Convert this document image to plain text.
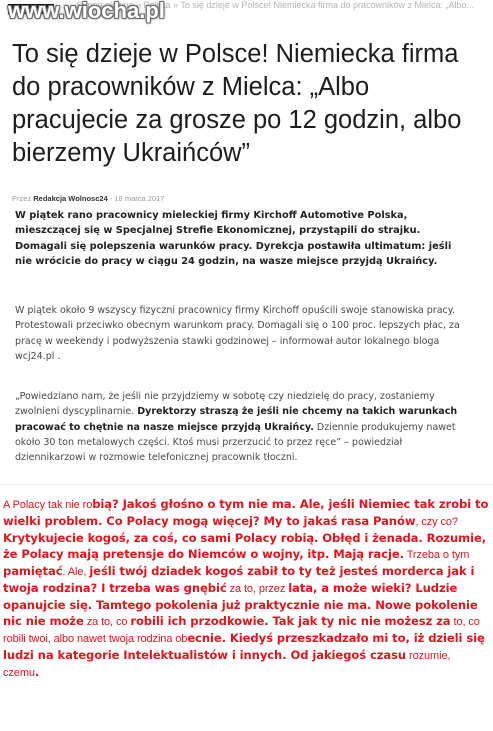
Strona główna » Polska » To się dzieje w Polsce! Niemiecka firma do pracowników z Mielca: „Albo...
To się dzieje w Polsce! Niemiecka firma do pracowników z Mielca: „Albo pracujecie za grosze po 12 godzin, albo bierzemy Ukraińców”
Przez Redakcja Wolnosc24 - 18 marca 2017

W piątek rano pracownicy mieleckiej firmy Kirchoff Automotive Polska, mieszczącej się w Specjalnej Strefie Ekonomicznej, przystąpili do strajku. Domagali się polepszenia warunków pracy. Dyrekcja postawiła ultimatum: jeśli nie wrócicie do pracy w ciągu 24 godzin, na wasze miejsce przyjdą Ukraińcy.

W piątek około 9 wszyscy fizyczni pracownicy firmy Kirchoff opuścili swoje stanowiska pracy. Protestowali przeciwko obecnym warunkom pracy. Domagali się o 100 proc. lepszych płac, za pracę w weekendy i podwyższenia stawki godzinowej – informował autor lokalnego bloga wcj24.pl .

„Powiedziano nam, że jeśli nie przyjdziemy w sobotę czy niedzielę do pracy, zostaniemy zwolnieni dyscyplinarnie. Dyrektorzy straszą że jeśli nie chcemy na takich warunkach pracować to chętnie na nasze miejsce przyjdą Ukraińcy. Dziennie produkujemy nawet około 30 ton metalowych części. Ktoś musi przerzucić to przez ręce” – powiedział dziennikarzowi w rozmowie telefonicznej pracownik tłoczni.

www.wiocha.pl

A Polacy tak nie robią? Jakoś głośno o tym nie ma. Ale, jeśli Niemiec tak zrobi to wielki problem. Co Polacy mogą więcej? My to jakaś rasa Panów, czy co? Krytykujecie kogoś, za coś, co sami Polacy robią. Obłęd i żenada. Rozumie, że Polacy mają pretensje do Niemców o wojny, itp. Mają racje. Trzeba o tym pamiętać. Ale, jeśli twój dziadek kogoś zabił to ty też jesteś morderca jak i twoja rodzina? I trzeba was gnębić za to, przez lata, a może wieki? Ludzie opanujcie się. Tamtego pokolenia już praktycznie nie ma. Nowe pokolenie nic nie może za to, co robili ich przodkowie. Tak jak ty nic nie możesz za to, co robili twoi, albo nawet twoja rodzina obecnie. Kiedyś przeszkadzało mi to, iż dzieli się ludzi na kategorie Intelektualistów i innych. Od jakiegoś czasu rozumie, czemu.
